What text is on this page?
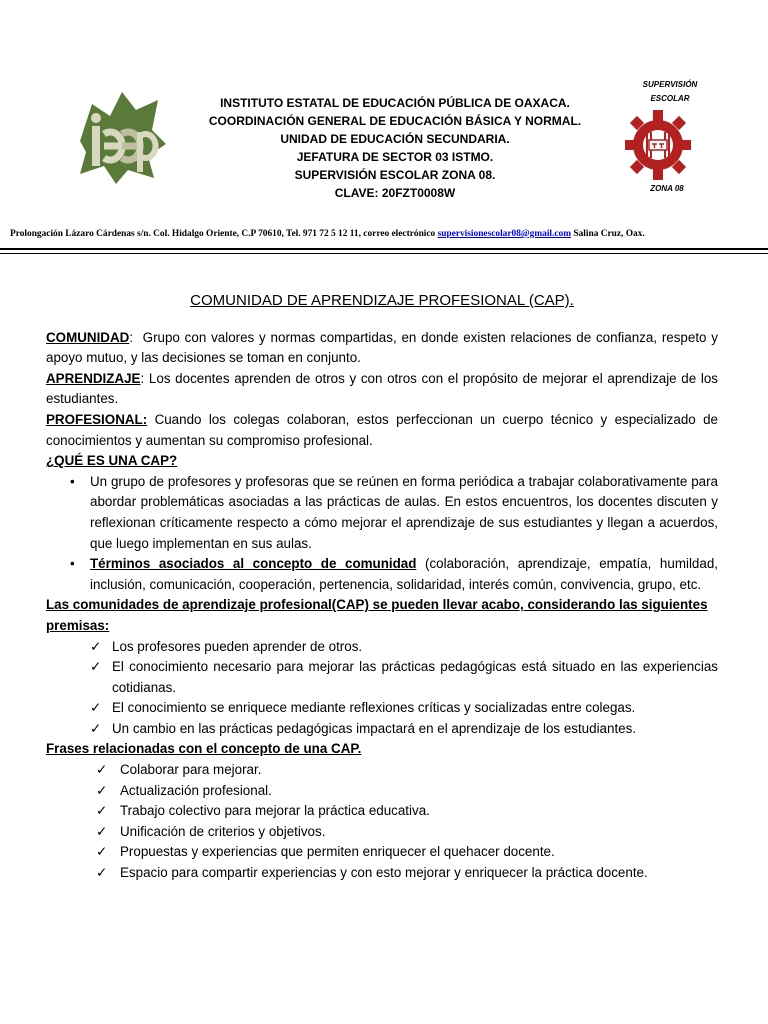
INSTITUTO ESTATAL DE EDUCACIÓN PÚBLICA DE OAXACA.
COORDINACIÓN GENERAL DE EDUCACIÓN BÁSICA Y NORMAL.
UNIDAD DE EDUCACIÓN SECUNDARIA.
JEFATURA DE SECTOR 03 ISTMO.
SUPERVISIÓN ESCOLAR ZONA 08.
CLAVE: 20FZT0008W
SUPERVISIÓN
ESCOLAR
ZONA 08
Prolongación Lázaro Cárdenas s/n. Col. Hidalgo Oriente, C.P 70610, Tel. 971 72 5 12 11, correo electrónico supervisionescolar08@gmail.com Salina Cruz, Oax.
COMUNIDAD DE APRENDIZAJE PROFESIONAL (CAP).

COMUNIDAD:  Grupo con valores y normas compartidas, en donde existen relaciones de confianza, respeto y apoyo mutuo, y las decisiones se toman en conjunto.

APRENDIZAJE: Los docentes aprenden de otros y con otros con el propósito de mejorar el aprendizaje de los estudiantes.

PROFESIONAL: Cuando los colegas colaboran, estos perfeccionan un cuerpo técnico y especializado de conocimientos y aumentan su compromiso profesional.

¿QUÉ ES UNA CAP?

• Un grupo de profesores y profesoras que se reúnen en forma periódica a trabajar colaborativamente para abordar problemáticas asociadas a las prácticas de aulas. En estos encuentros, los docentes discuten y reflexionan críticamente respecto a cómo mejorar el aprendizaje de sus estudiantes y llegan a acuerdos, que luego implementan en sus aulas.
• Términos asociados al concepto de comunidad (colaboración, aprendizaje, empatía, humildad, inclusión, comunicación, cooperación, pertenencia, solidaridad, interés común, convivencia, grupo, etc.

Las comunidades de aprendizaje profesional(CAP) se pueden llevar acabo, considerando las siguientes premisas:

✓ Los profesores pueden aprender de otros.
✓ El conocimiento necesario para mejorar las prácticas pedagógicas está situado en las experiencias cotidianas.
✓ El conocimiento se enriquece mediante reflexiones críticas y socializadas entre colegas.
✓ Un cambio en las prácticas pedagógicas impactará en el aprendizaje de los estudiantes.

Frases relacionadas con el concepto de una CAP.

✓ Colaborar para mejorar.
✓ Actualización profesional.
✓ Trabajo colectivo para mejorar la práctica educativa.
✓ Unificación de criterios y objetivos.
✓ Propuestas y experiencias que permiten enriquecer el quehacer docente.
✓ Espacio para compartir experiencias y con esto mejorar y enriquecer la práctica docente.
